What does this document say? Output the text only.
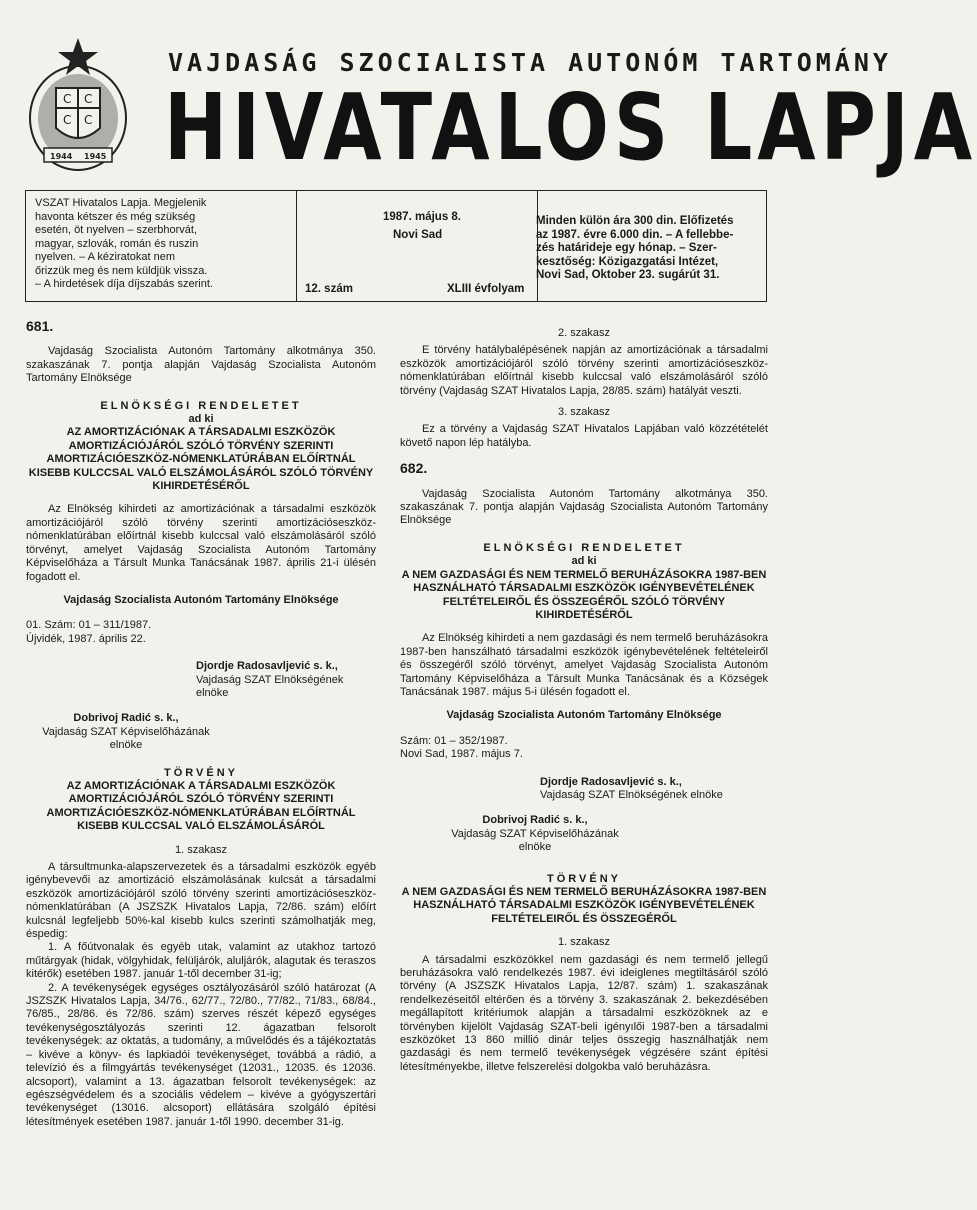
C C
C C
1944 1945
VAJDASÁG SZOCIALISTA AUTONÓM TARTOMÁNY
HIVATALOS LAPJA
VSZAT Hivatalos Lapja. Megjelenik
havonta kétszer és még szükség
esetén, öt nyelven – szerbhorvát,
magyar, szlovák, román és ruszin
nyelven. – A kéziratokat nem
őrizzük meg és nem küldjük vissza.
– A hirdetések díja díjszabás szerint.
1987. május 8.
Novi Sad
12. szám	XLIII évfolyam
Minden külön ára 300 din. Előfizetés
az 1987. évre 6.000 din. – A fellebbe-
zés határideje egy hónap. – Szer-
kesztőség: Közigazgatási Intézet,
Novi Sad, Oktober 23. sugárút 31.
681.

Vajdaság Szocialista Autonóm Tartomány alkotmánya 350. szakaszának 7. pontja alapján Vajdaság Szocialista Autonóm Tartomány Elnöksége

ELNÖKSÉGI RENDELETET

ad ki

AZ AMORTIZÁCIÓNAK A TÁRSADALMI ESZKÖZÖK AMORTIZÁCIÓJÁRÓL SZÓLÓ TÖRVÉNY SZERINTI AMORTIZÁCIÓESZKÖZ-NÓMENKLATÚRÁBAN ELŐÍRTNÁL KISEBB KULCCSAL VALÓ ELSZÁMOLÁSÁRÓL SZÓLÓ TÖRVÉNY KIHIRDETÉSÉRŐL

Az Elnökség kihirdeti az amortizációnak a társadalmi eszközök amortizációjáról szóló törvény szerinti amortizációseszköz-nómenklatúrában előírtnál kisebb kulccsal való elszámolásáról szóló törvényt, amelyet Vajdaság Szocialista Autonóm Tartomány Képviselőháza a Társult Munka Tanácsának 1987. április 21-i ülésén fogadott el.

Vajdaság Szocialista Autonóm Tartomány Elnöksége

01. Szám: 01 – 311/1987.

Újvidék, 1987. április 22.

Djordje Radosavljević s. k.,

Vajdaság SZAT Elnökségének elnöke

Dobrivoj Radić s. k.,

Vajdaság SZAT Képviselőházának

elnöke

TÖRVÉNY

AZ AMORTIZÁCIÓNAK A TÁRSADALMI ESZKÖZÖK AMORTIZÁCIÓJÁRÓL SZÓLÓ TÖRVÉNY SZERINTI AMORTIZÁCIÓESZKÖZ-NÓMENKLATÚRÁBAN ELŐÍRTNÁL KISEBB KULCCSAL VALÓ ELSZÁMOLÁSÁRÓL

1. szakasz

A társultmunka-alapszervezetek és a társadalmi eszközök egyéb igénybevevői az amortizáció elszámolásának kulcsát a társadalmi eszközök amortizációjáról szóló törvény szerinti amortizációseszköz-nómenklatúrában (A JSZSZK Hivatalos Lapja, 72/86. szám) előírt kulcsnál legfeljebb 50%-kal kisebb kulcs szerinti számolhatják meg, éspedig:

1. A főútvonalak és egyéb utak, valamint az utakhoz tartozó műtárgyak (hidak, völgyhidak, felüljárók, aluljárók, alagutak és teraszos kitérők) esetében 1987. január 1-től december 31-ig;

2. A tevékenységek egységes osztályozásáról szóló határozat (A JSZSZK Hivatalos Lapja, 34/76., 62/77., 72/80., 77/82., 71/83., 68/84., 76/85., 28/86. és 72/86. szám) szerves részét képező egységes tevékenységosztályozás szerinti 12. ágazatban felsorolt tevékenységek: az oktatás, a tudomány, a művelődés és a tájékoztatás – kivéve a könyv- és lapkiadói tevékenységet, továbbá a rádió, a televízió és a filmgyártás tevékenységet (12031., 12035. és 12036. alcsoport), valamint a 13. ágazatban felsorolt tevékenységek: az egészségvédelem és a szociális védelem – kivéve a gyógyszertári tevékenységet (13016. alcsoport) ellátására szolgáló építési létesítmények esetében 1987. január 1-től 1990. december 31-ig.

2. szakasz

E törvény hatálybalépésének napján az amortizációnak a társadalmi eszközök amortizációjáról szóló törvény szerinti amortizációseszköz-nómenklatúrában előírtnál kisebb kulccsal való elszámolásáról szóló törvény (Vajdaság SZAT Hivatalos Lapja, 28/85. szám) hatályát veszti.

3. szakasz

Ez a törvény a Vajdaság SZAT Hivatalos Lapjában való közzétételét követő napon lép hatályba.

682.

Vajdaság Szocialista Autonóm Tartomány alkotmánya 350. szakaszának 7. pontja alapján Vajdaság Szocialista Autonóm Tartomány Elnöksége

ELNÖKSÉGI RENDELETET

ad ki

A NEM GAZDASÁGI ÉS NEM TERMELŐ BERUHÁZÁSOKRA 1987-BEN HASZNÁLHATÓ TÁRSADALMI ESZKÖZÖK IGÉNYBEVÉTELÉNEK FELTÉTELEIRŐL ÉS ÖSSZEGÉRŐL SZÓLÓ TÖRVÉNY KIHIRDETÉSÉRŐL

Az Elnökség kihirdeti a nem gazdasági és nem termelő beruházásokra 1987-ben hanszálható társadalmi eszközök igénybevételének feltételeiről és összegéről szóló törvényt, amelyet Vajdaság Szocialista Autonóm Tartomány Képviselőháza a Társult Munka Tanácsának és a Községek Tanácsának 1987. május 5-i ülésén fogadott el.

Vajdaság Szocialista Autonóm Tartomány Elnöksége

Szám: 01 – 352/1987.

Novi Sad, 1987. május 7.

Djordje Radosavljević s. k.,

Vajdaság SZAT Elnökségének elnöke

Dobrivoj Radić s. k.,

Vajdaság SZAT Képviselőházának

elnöke

TÖRVÉNY

A NEM GAZDASÁGI ÉS NEM TERMELŐ BERUHÁZÁSOKRA 1987-BEN HASZNÁLHATÓ TÁRSADALMI ESZKÖZÖK IGÉNYBEVÉTELÉNEK FELTÉTELEIRŐL ÉS ÖSSZEGÉRŐL

1. szakasz

A társadalmi eszközökkel nem gazdasági és nem termelő jellegű beruházásokra való rendelkezés 1987. évi ideiglenes megtiltásáról szóló törvény (A JSZSZK Hivatalos Lapja, 12/87. szám) 1. szakaszának rendelkezéseitől eltérően és a törvény 3. szakaszának 2. bekezdésében megállapított kritériumok alapján a társadalmi eszközöknek az e törvényben kijelölt Vajdaság SZAT-beli igényılői 1987-ben a társadalmi eszközöket 13 860 millió dinár teljes összegig használhatják nem gazdasági és nem termelő tevékenységek végzésére szánt építési létesítményekbe, illetve felszerelési dolgokba való beruházásra.
